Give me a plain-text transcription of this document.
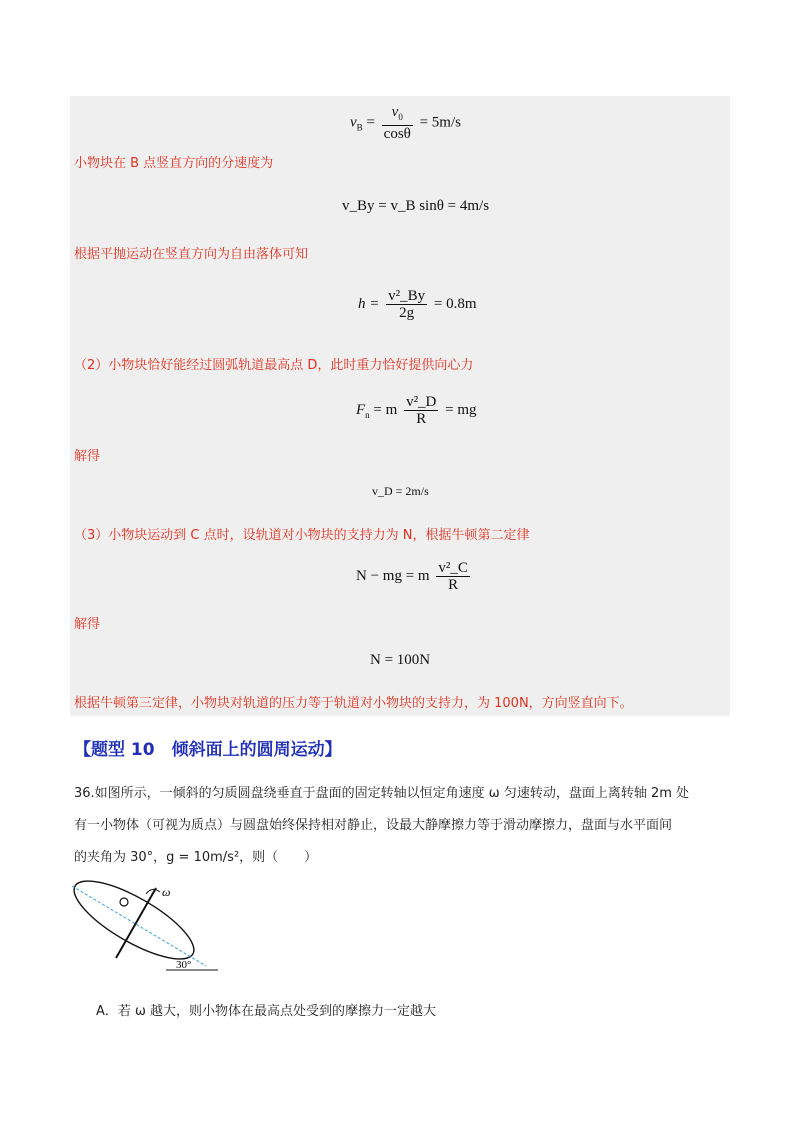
$v_B = \frac{v_0}{\cos\theta} = 5m/s$
小物块在 B 点竖直方向的分速度为
v_By = v_B sinθ = 4m/s
根据平抛运动在竖直方向为自由落体可知
$h = \frac{\text{v²\_By}}{2g} = 0.8m$
（2）小物块恰好能经过圆弧轨道最高点 D，此时重力恰好提供向心力
$F_n = m \frac{\text{v²\_D}}{R}$ = mg
解得
v_D = 2m/s
（3）小物块运动到 C 点时，设轨道对小物块的支持力为 N，根据牛顿第二定律
N − mg = m $\frac{\text{v²\_C}}{R}$
解得
N = 100N
根据牛顿第三定律，小物块对轨道的压力等于轨道对小物块的支持力，为 100N，方向竖直向下。
【题型 10　倾斜面上的圆周运动】
36.如图所示，一倾斜的匀质圆盘绕垂直于盘面的固定转轴以恒定角速度 ω 匀速转动，盘面上离转轴 2m 处
有一小物体（可视为质点）与圆盘始终保持相对静止，设最大静摩擦力等于滑动摩擦力，盘面与水平面间
的夹角为 30°，g = 10m/s²，则（　　）
ω
30°
A．若 ω 越大，则小物体在最高点处受到的摩擦力一定越大
